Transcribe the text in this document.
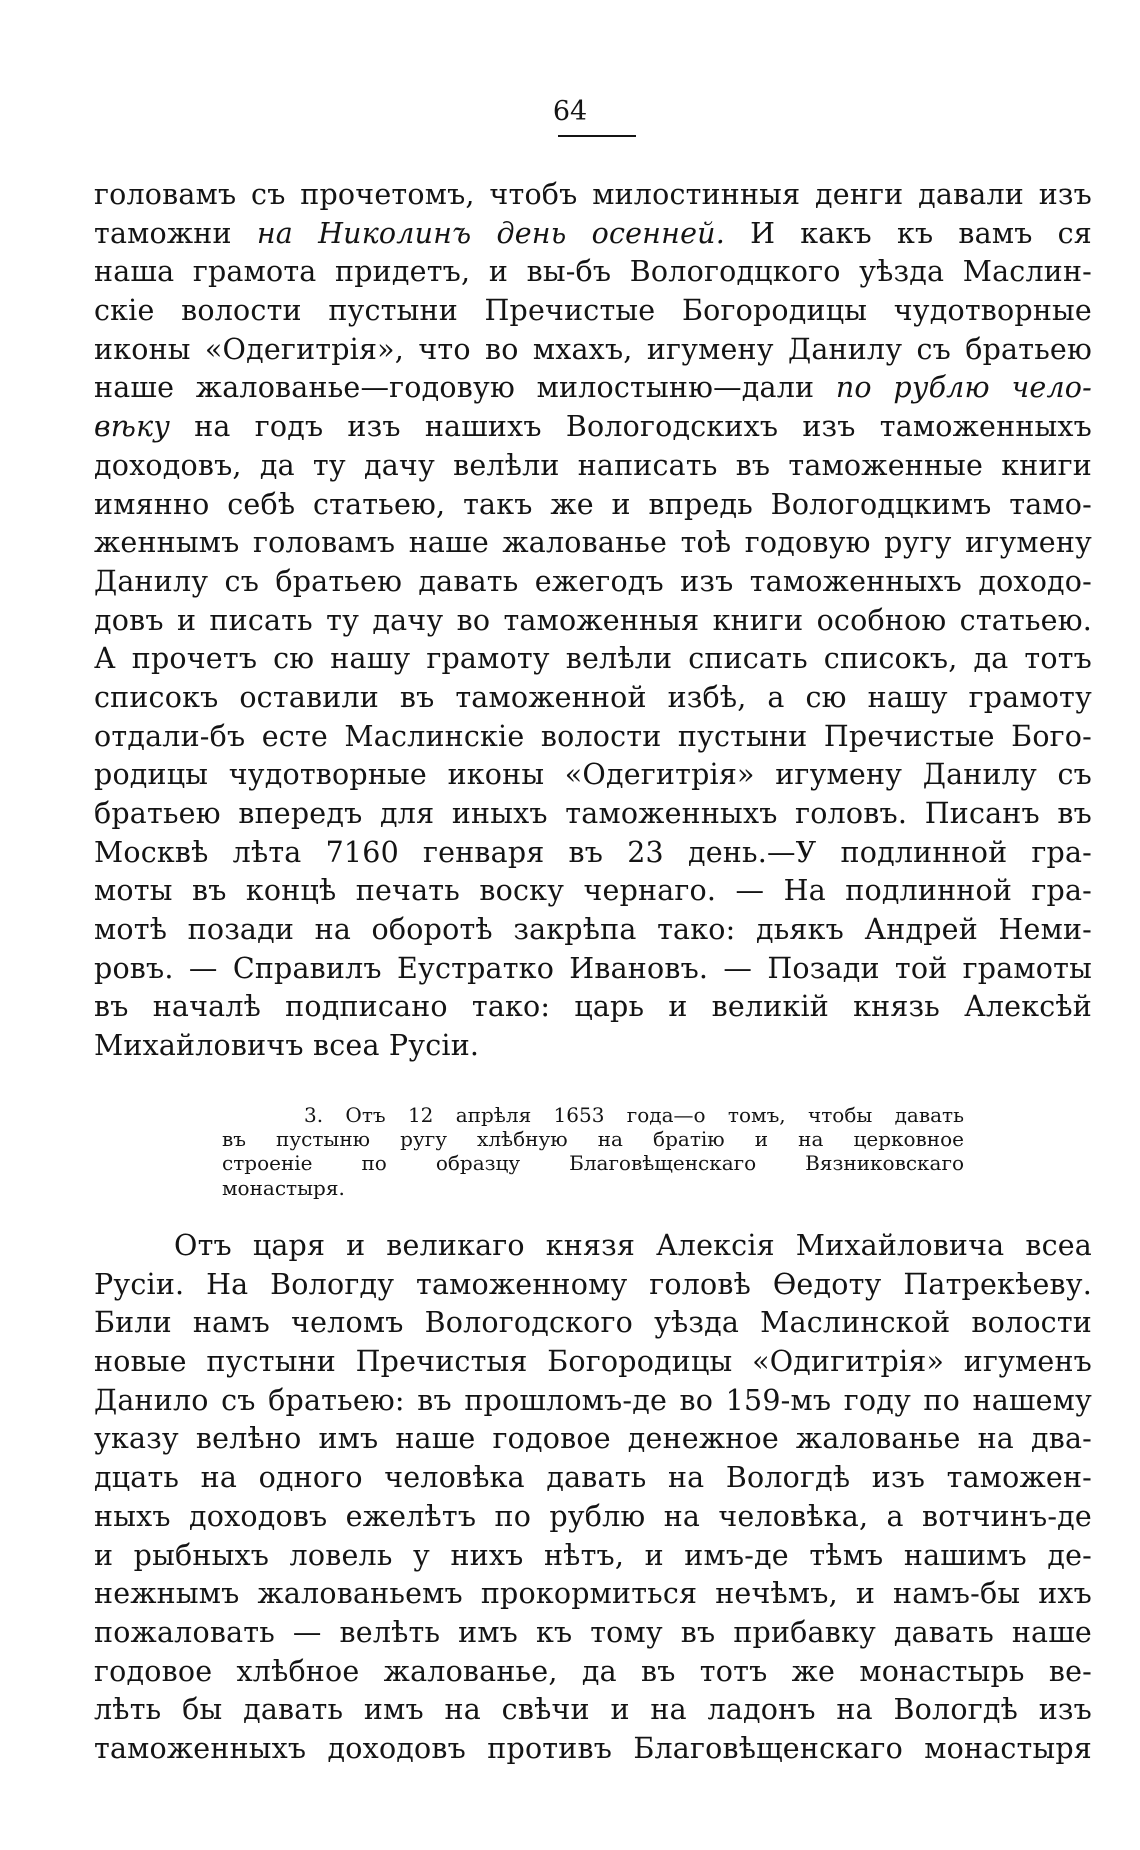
64
головамъ съ прочетомъ, чтобъ милостинныя денги давали изъ
таможни на Николинъ день осенней. И какъ къ вамъ ся
наша грамота придетъ, и вы-бъ Вологодцкого уѣзда Маслин-
скіе волости пустыни Пречистые Богородицы чудотворные
иконы «Одегитрія», что во мхахъ, игумену Данилу съ братьею
наше жалованье—годовую милостыню—дали по рублю чело-
вѣку на годъ изъ нашихъ Вологодскихъ изъ таможенныхъ
доходовъ, да ту дачу велѣли написать въ таможенные книги
имянно себѣ статьею, такъ же и впредь Вологодцкимъ тамо-
женнымъ головамъ наше жалованье тоѣ годовую ругу игумену
Данилу съ братьею давать ежегодъ изъ таможенныхъ доходо-
довъ и писать ту дачу во таможенныя книги особною статьею.
А прочетъ сю нашу грамоту велѣли списать списокъ, да тотъ
списокъ оставили въ таможенной избѣ, а сю нашу грамоту
отдали-бъ есте Маслинскіе волости пустыни Пречистые Бого-
родицы чудотворные иконы «Одегитрія» игумену Данилу съ
братьею впередъ для иныхъ таможенныхъ головъ. Писанъ въ
Москвѣ лѣта 7160 генваря въ 23 день.—У подлинной гра-
моты въ концѣ печать воску чернаго. — На подлинной гра-
мотѣ позади на оборотѣ закрѣпа тако: дьякъ Андрей Неми-
ровъ. — Справилъ Еустратко Ивановъ. — Позади той грамоты
въ началѣ подписано тако: царь и великій князь Алексѣй
Михайловичъ всеа Русіи.
3. Отъ 12 апрѣля 1653 года—о томъ, чтобы давать
въ пустыню ругу хлѣбную на братію и на церковное
строеніе по образцу Благовѣщенскаго Вязниковскаго
монастыря.
Отъ царя и великаго князя Алексія Михайловича всеа
Русіи. На Вологду таможенному головѣ Ѳедоту Патрекѣеву.
Били намъ челомъ Вологодского уѣзда Маслинской волости
новые пустыни Пречистыя Богородицы «Одигитрія» игуменъ
Данило съ братьею: въ прошломъ-де во 159-мъ году по нашему
указу велѣно имъ наше годовое денежное жалованье на два-
дцать на одного человѣка давать на Вологдѣ изъ таможен-
ныхъ доходовъ ежелѣтъ по рублю на человѣка, а вотчинъ-де
и рыбныхъ ловель у нихъ нѣтъ, и имъ-де тѣмъ нашимъ де-
нежнымъ жалованьемъ прокормиться нечѣмъ, и намъ-бы ихъ
пожаловать — велѣть имъ къ тому въ прибавку давать наше
годовое хлѣбное жалованье, да въ тотъ же монастырь ве-
лѣть бы давать имъ на свѣчи и на ладонъ на Вологдѣ изъ
таможенныхъ доходовъ противъ Благовѣщенскаго монастыря
